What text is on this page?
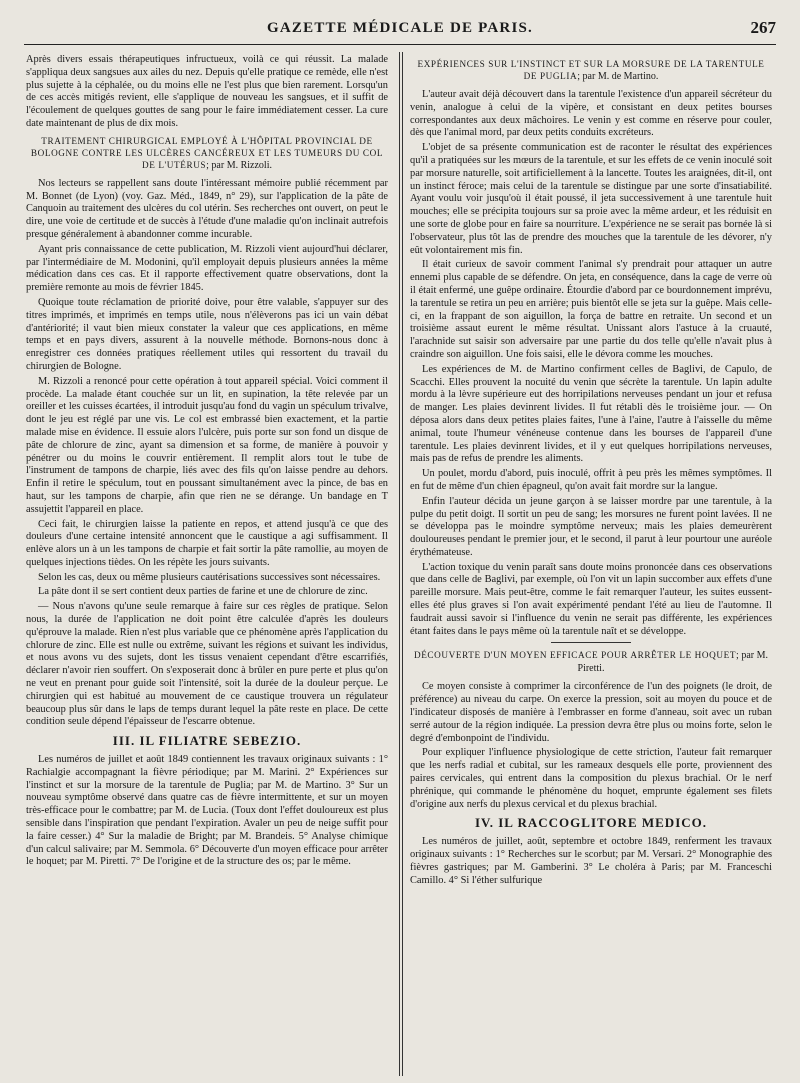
GAZETTE MÉDICALE DE PARIS.	267

Après divers essais thérapeutiques infructueux, voilà ce qui réussit. La malade s'appliqua deux sangsues aux ailes du nez. Depuis qu'elle pratique ce remède, elle n'est plus sujette à la céphalée, ou du moins elle ne l'est plus que bien rarement. Lorsqu'un de ces accès mitigés revient, elle s'applique de nouveau les sangsues, et il suffit de l'écoulement de quelques gouttes de sang pour le faire immédiatement cesser. La cure date maintenant de plus de dix mois.

TRAITEMENT CHIRURGICAL EMPLOYÉ À L'HÔPITAL PROVINCIAL DE BOLOGNE CONTRE LES ULCÈRES CANCÉREUX ET LES TUMEURS DU COL DE L'UTÉRUS; par M. Rizzoli.

Nos lecteurs se rappellent sans doute l'intéressant mémoire publié récemment par M. Bonnet (de Lyon) (voy. Gaz. Méd., 1849, n° 29), sur l'application de la pâte de Canquoin au traitement des ulcères du col utérin. Ses recherches ont ouvert, on peut le dire, une voie de certitude et de succès à l'étude d'une maladie qu'on inclinait autrefois presque généralement à abandonner comme incurable.

Ayant pris connaissance de cette publication, M. Rizzoli vient aujourd'hui déclarer, par l'intermédiaire de M. Modonini, qu'il employait depuis plusieurs années la même médication dans ces cas. Et il rapporte effectivement quatre observations, dont la première remonte au mois de février 1845.

Quoique toute réclamation de priorité doive, pour être valable, s'appuyer sur des titres imprimés, et imprimés en temps utile, nous n'élèverons pas ici un vain débat d'antériorité; il vaut bien mieux constater la valeur que ces applications, en même temps et en pays divers, assurent à la nouvelle méthode. Bornons-nous donc à enregistrer ces données pratiques réellement utiles qui ressortent du travail du chirurgien de Bologne.

M. Rizzoli a renoncé pour cette opération à tout appareil spécial. Voici comment il procède. La malade étant couchée sur un lit, en supination, la tête relevée par un oreiller et les cuisses écartées, il introduit jusqu'au fond du vagin un spéculum trivalve, dont le jeu est réglé par une vis. Le col est embrassé bien exactement, et la partie malade mise en évidence. Il essuie alors l'ulcère, puis porte sur son fond un disque de pâte de chlorure de zinc, ayant sa dimension et sa forme, de manière à pouvoir y pénétrer ou du moins le couvrir entièrement. Il remplit alors tout le tube de l'instrument de tampons de charpie, liés avec des fils qu'on laisse pendre au dehors. Enfin il retire le spéculum, tout en poussant simultanément avec la pince, de bas en haut, sur les tampons de charpie, afin que rien ne se dérange. Un bandage en T assujettit l'appareil en place.

Ceci fait, le chirurgien laisse la patiente en repos, et attend jusqu'à ce que des douleurs d'une certaine intensité annoncent que le caustique a agi suffisamment. Il enlève alors un à un les tampons de charpie et fait sortir la pâte ramollie, au moyen de quelques injections tièdes. On les répète les jours suivants.

Selon les cas, deux ou même plusieurs cautérisations successives sont nécessaires.

La pâte dont il se sert contient deux parties de farine et une de chlorure de zinc.

— Nous n'avons qu'une seule remarque à faire sur ces règles de pratique. Selon nous, la durée de l'application ne doit point être calculée d'après les douleurs qu'éprouve la malade. Rien n'est plus variable que ce phénomène après l'application du chlorure de zinc. Elle est nulle ou extrême, suivant les régions et suivant les individus, et nous avons vu des sujets, dont les tissus venaient cependant d'être escarrifiés, déclarer n'avoir rien souffert. On s'exposerait donc à brûler en pure perte et plus qu'on ne veut en prenant pour guide soit l'intensité, soit la durée de la douleur perçue. Le chirurgien qui est habitué au mouvement de ce caustique trouvera un régulateur beaucoup plus sûr dans le laps de temps durant lequel la pâte reste en place. De cette condition seule dépend l'épaisseur de l'escarre obtenue.

III. IL FILIATRE SEBEZIO.

Les numéros de juillet et août 1849 contiennent les travaux originaux suivants : 1° Rachialgie accompagnant la fièvre périodique; par M. Marini. 2° Expériences sur l'instinct et sur la morsure de la tarentule de Puglia; par M. de Martino. 3° Sur un nouveau symptôme observé dans quatre cas de fièvre intermittente, et sur un moyen très-efficace pour le combattre; par M. de Lucia. (Toux dont l'effet douloureux est plus sensible dans l'inspiration que pendant l'expiration. Avaler un peu de neige suffit pour la faire cesser.) 4° Sur la maladie de Bright; par M. Brandeis. 5° Analyse chimique d'un calcul salivaire; par M. Semmola. 6° Découverte d'un moyen efficace pour arrêter le hoquet; par M. Piretti. 7° De l'origine et de la structure des os; par le même.

EXPÉRIENCES SUR L'INSTINCT ET SUR LA MORSURE DE LA TARENTULE DE PUGLIA; par M. de Martino.

L'auteur avait déjà découvert dans la tarentule l'existence d'un appareil sécréteur du venin, analogue à celui de la vipère, et consistant en deux petites bourses correspondantes aux deux mâchoires. Le venin y est comme en réserve pour couler, dès que l'animal mord, par deux petits conduits excréteurs.

L'objet de sa présente communication est de raconter le résultat des expériences qu'il a pratiquées sur les mœurs de la tarentule, et sur les effets de ce venin inoculé soit par morsure naturelle, soit artificiellement à la lancette. Toutes les araignées, dit-il, ont un instinct féroce; mais celui de la tarentule se distingue par une sorte d'insatiabilité. Ayant voulu voir jusqu'où il était poussé, il jeta successivement à une tarentule huit mouches; elle se précipita toujours sur sa proie avec la même ardeur, et les réduisit en une sorte de globe pour en faire sa nourriture. L'expérience ne se serait pas bornée là si l'observateur, plus tôt las de prendre des mouches que la tarentule de les dévorer, n'y eût volontairement mis fin.

Il était curieux de savoir comment l'animal s'y prendrait pour attaquer un autre ennemi plus capable de se défendre. On jeta, en conséquence, dans la cage de verre où il était enfermé, une guêpe ordinaire. Étourdie d'abord par ce bourdonnement imprévu, la tarentule se retira un peu en arrière; puis bientôt elle se jeta sur la guêpe. Mais celle-ci, en la frappant de son aiguillon, la força de battre en retraite. Un second et un troisième assaut eurent le même résultat. Unissant alors l'astuce à la cruauté, l'arachnide sut saisir son adversaire par une partie du dos telle qu'elle n'avait plus à craindre son aiguillon. Une fois saisi, elle le dévora comme les mouches.

Les expériences de M. de Martino confirment celles de Baglivi, de Capulo, de Scacchi. Elles prouvent la nocuité du venin que sécrète la tarentule. Un lapin adulte mordu à la lèvre supérieure eut des horripilations nerveuses pendant un jour et refusa de manger. Les plaies devinrent livides. Il fut rétabli dès le troisième jour. — On déposa alors dans deux petites plaies faites, l'une à l'aine, l'autre à l'aisselle du même animal, toute l'humeur vénéneuse contenue dans les bourses de l'appareil d'une tarentule. Les plaies devinrent livides, et il y eut quelques horripilations nerveuses, mais pas de refus de prendre les aliments.

Un poulet, mordu d'abord, puis inoculé, offrit à peu près les mêmes symptômes. Il en fut de même d'un chien épagneul, qu'on avait fait mordre sur la langue.

Enfin l'auteur décida un jeune garçon à se laisser mordre par une tarentule, à la pulpe du petit doigt. Il sortit un peu de sang; les morsures ne furent point lavées. Il ne se développa pas le moindre symptôme nerveux; mais les plaies demeurèrent douloureuses pendant le premier jour, et le second, il parut à leur pourtour une auréole érythémateuse.

L'action toxique du venin paraît sans doute moins prononcée dans ces observations que dans celle de Baglivi, par exemple, où l'on vit un lapin succomber aux effets d'une pareille morsure. Mais peut-être, comme le fait remarquer l'auteur, les suites eussent-elles été plus graves si l'on avait expérimenté pendant l'été au lieu de l'automne. Il faudrait aussi savoir si l'influence du venin ne serait pas différente, les expériences étant faites dans le pays même où la tarentule naît et se développe.

DÉCOUVERTE D'UN MOYEN EFFICACE POUR ARRÊTER LE HOQUET; par M. Piretti.

Ce moyen consiste à comprimer la circonférence de l'un des poignets (le droit, de préférence) au niveau du carpe. On exerce la pression, soit au moyen du pouce et de l'indicateur disposés de manière à l'embrasser en forme d'anneau, soit avec un ruban serré autour de la région indiquée. La pression devra être plus ou moins forte, selon le degré d'embonpoint de l'individu.

Pour expliquer l'influence physiologique de cette striction, l'auteur fait remarquer que les nerfs radial et cubital, sur les rameaux desquels elle porte, proviennent des paires cervicales, qui entrent dans la composition du plexus brachial. Or le nerf phrénique, qui commande le phénomène du hoquet, emprunte également ses filets d'origine aux nerfs du plexus cervical et du plexus brachial.

IV. IL RACCOGLITORE MEDICO.

Les numéros de juillet, août, septembre et octobre 1849, renferment les travaux originaux suivants : 1° Recherches sur le scorbut; par M. Versari. 2° Monographie des fièvres gastriques; par M. Gamberini. 3° Le choléra à Paris; par M. Franceschi Camillo. 4° Si l'éther sulfurique
